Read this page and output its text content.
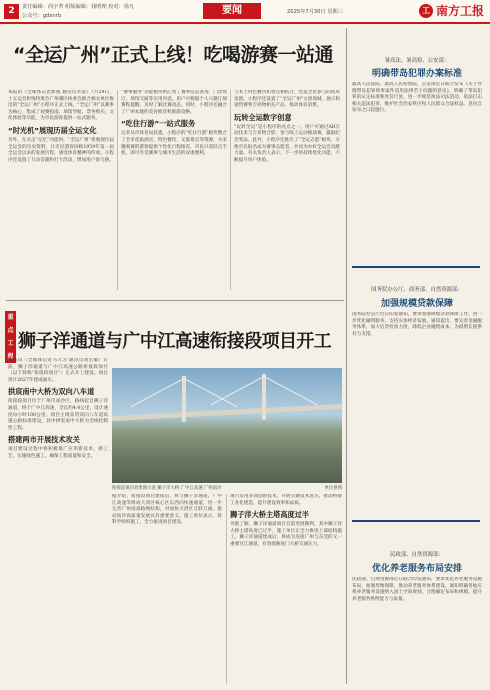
2	责任编辑：尚宇菁 组版编辑：钱明理 校对：徐凡
公众号：gdxnrb	要闻	2025年7月30日 星期三	工 南方工报
“全运广州”正式上线！吃喝游赛一站通

本报讯（全媒体记者郭燕 通讯员李慧）7月29日，十五运会和残特奥会广州赛区执委会联合相关单位推出的“全运广州”小程序正式上线。“全运广州”以赛事为核心，集成了观赛指南、场馆导航、票务购买、文化体验等功能，为市民游客提供一站式服务。

“时光机”展现历届全运文化

另外，在点击“记忆”功能时，“全运广州”将展现历届全运会的历史资料，让市民游客回顾1959年第一届全运会以来的发展历程，感受体育精神的传承。小程序还设置了互动答题和打卡活动，增加用户参与感。

“赛事服务”功能板块则汇集了赛事信息查询、门票预订、场馆交通等实用内容。用户可根据个人兴趣订阅赛程提醒，及时了解比赛动态。同时，小程序还融合了广州本地的美食推荐和旅游攻略。

“吃住行游”一站式服务

记者从市体育局获悉，小程序的“吃住行游”板块整合了全市优质酒店、特色餐饮、文旅景点等资源，为来穗观赛的游客提供个性化行程推荐。市民只需轻点手机，即可享受赛事与城市生活的双重便利。

与本土特色餐饮和景点相结合，营造全民参与的浓厚氛围。小程序还设置了“全运广州”文创商城，展示和销售赛事吉祥物相关产品，推动体育消费。

玩转全运数字创意

“玩转全运”是小程序的亮点之一。用户可通过AR互动技术与吉祥物合影，参与线上运动挑战赛，赢取纪念奖品。此外，小程序还推出了“全运志愿”板块，方便市民报名成为赛事志愿者，共同为办好全运会贡献力量。有关负责人表示，下一步将持续优化功能，不断提升用户体验。

重点
工程
狮子洋通道与广中江高速衔接段项目开工

本报讯（全媒体记者马大为 通讯员黄宏敏）日前，狮子洋通道与广中江高速公路衔接段项目（以下简称“衔接段项目”）正式开工建设。项目预计2027年建成通车。

拱宸南中大桥为双向八车道

衔接段项目位于广州市南沙区，路线起自狮子洋通道，终于广中江高速，全长约4.4公里，设计速度每小时100公里。项目主线采用双向八车道高速公路标准建设，其中拱宸南中大桥为全线控制性工程。

搭建两市开展技术攻关

项目建设过程中将积极推广应用新技术、新工艺，实施绿色施工，确保工程质量和安全。

衔接段项目效果图示意 狮子洋大桥 广中江高速 广州南沙	单位供图

据介绍，衔接段项目建成后，将与狮子洋通道、广中江高速等组成大湾区核心区东西向快速通道，进一步完善广州南部路网结构，对加快大湾区互联互通、推动南沙高质量发展具有重要意义。施工单位表示，将科学组织施工，全力推进项目建设。

项目采用多项创新技术，开展关键技术攻关，推动桥梁工业化建造，提升建设效率和品质。

狮子洋大桥主塔高度过半

另据了解，狮子洋通道项目目前进展顺利，其中狮子洋大桥主塔高度已过半，施工单位正全力推进上部结构施工。狮子洋通道建成后，将成为连接广州与东莞的又一重要过江通道，有效缓解虎门大桥交通压力。

暑高法、暑高检、公安部：
明确带岛犯罪办案标准

最高人民法院、最高人民检察院、公安部近日联合发布《关于办理带岛犯罪刑事案件适用法律若干问题的意见》，明确了带岛犯罪的认定标准和处罚尺度，进一步规范执法司法活动，依法打击相关违法犯罪，维护社会治安秩序和人民群众合法权益。意见自发布之日起施行。

国务院办公厅、商务部、自然资源部：
加强规模贷款保障

国务院办公厅近日印发通知，要求加强规模贷款保障工作，进一步优化融资服务，支持实体经济发展。通知提出，要完善金融服务体系，加大信贷投放力度，降低企业融资成本，为稳增长提供有力支撑。

民政部、自然资源部：
优化养老服务布局安排

民政部、自然资源部近日联合印发通知，要求优化养老服务设施布局，加强用地保障，推动养老服务体系建设。通知明确各地应将养老服务设施纳入国土空间规划，合理确定布局和规模，提升养老服务供给能力与质量。
